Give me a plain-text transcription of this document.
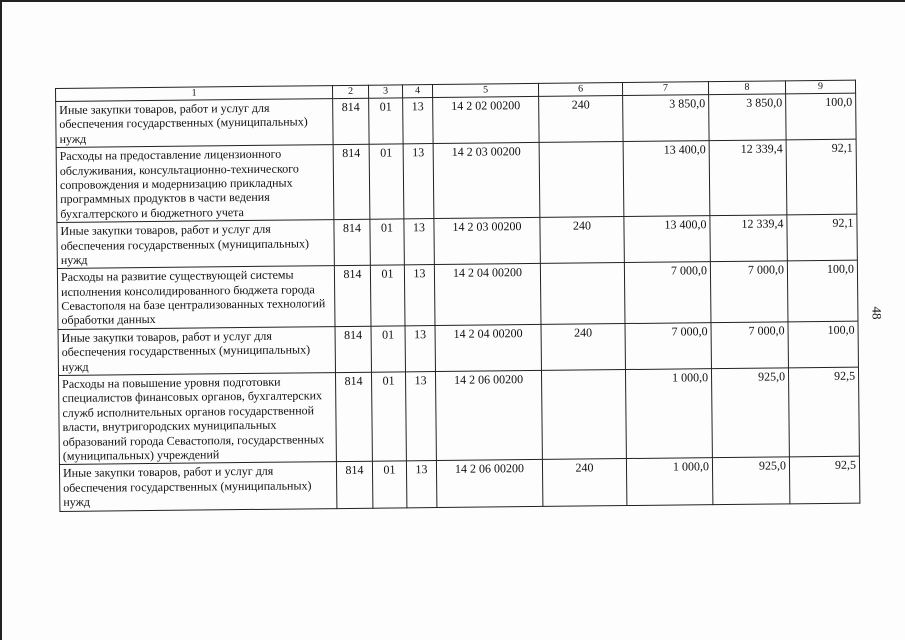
1	2	3	4	5	6	7	8	9
Иные закупки товаров, работ и услуг для обеспечения государственных (муниципальных) нужд	814	01	13	14 2 02 00200	240	3 850,0	3 850,0	100,0
Расходы на предоставление лицензионного обслуживания, консультационно-технического сопровождения и модернизацию прикладных программных продуктов в части ведения бухгалтерского и бюджетного учета	814	01	13	14 2 03 00200		13 400,0	12 339,4	92,1
Иные закупки товаров, работ и услуг для обеспечения государственных (муниципальных) нужд	814	01	13	14 2 03 00200	240	13 400,0	12 339,4	92,1
Расходы на развитие существующей системы исполнения консолидированного бюджета города Севастополя на базе централизованных технологий обработки данных	814	01	13	14 2 04 00200		7 000,0	7 000,0	100,0
Иные закупки товаров, работ и услуг для обеспечения государственных (муниципальных) нужд	814	01	13	14 2 04 00200	240	7 000,0	7 000,0	100,0
Расходы на повышение уровня подготовки специалистов финансовых органов, бухгалтерских служб исполнительных органов государственной власти, внутригородских муниципальных образований города Севастополя, государственных (муниципальных) учреждений	814	01	13	14 2 06 00200		1 000,0	925,0	92,5
Иные закупки товаров, работ и услуг для обеспечения государственных (муниципальных) нужд	814	01	13	14 2 06 00200	240	1 000,0	925,0	92,5
48
